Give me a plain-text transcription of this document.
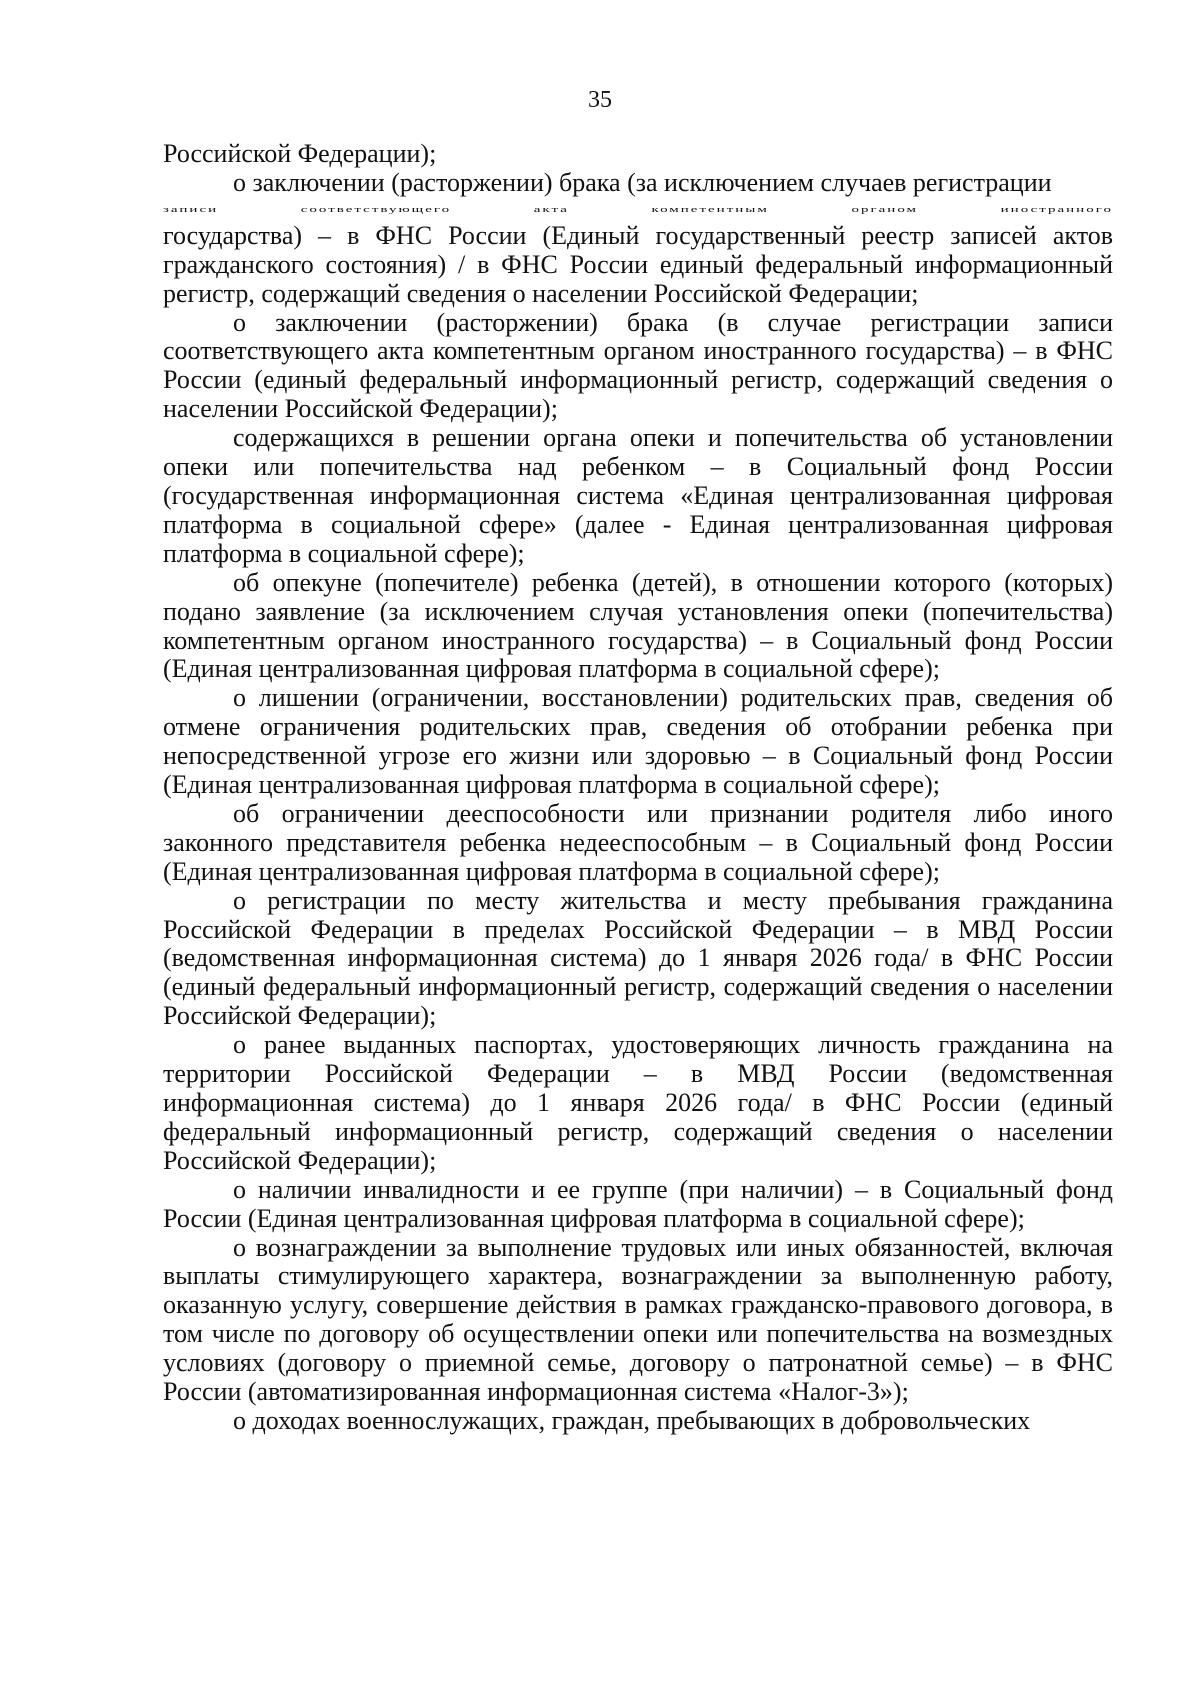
35

Российской Федерации);

о заключении (расторжении) брака (за исключением случаев регистрации

записи	соответствующего	акта	компетентным	органом	иностранного

государства) – в ФНС России (Единый государственный реестр записей актов гражданского состояния) / в ФНС России единый федеральный информационный регистр, содержащий сведения о населении Российской Федерации;

о заключении (расторжении) брака (в случае регистрации записи соответствующего акта компетентным органом иностранного государства) – в ФНС России (единый федеральный информационный регистр, содержащий сведения о населении Российской Федерации);

содержащихся в решении органа опеки и попечительства об установлении опеки или попечительства над ребенком – в Социальный фонд России (государственная информационная система «Единая централизованная цифровая платформа в социальной сфере» (далее - Единая централизованная цифровая платформа в социальной сфере);

об опекуне (попечителе) ребенка (детей), в отношении которого (которых) подано заявление (за исключением случая установления опеки (попечительства) компетентным органом иностранного государства) – в Социальный фонд России (Единая централизованная цифровая платформа в социальной сфере);

о лишении (ограничении, восстановлении) родительских прав, сведения об отмене ограничения родительских прав, сведения об отобрании ребенка при непосредственной угрозе его жизни или здоровью – в Социальный фонд России (Единая централизованная цифровая платформа в социальной сфере);

об ограничении дееспособности или признании родителя либо иного законного представителя ребенка недееспособным – в Социальный фонд России (Единая централизованная цифровая платформа в социальной сфере);

о регистрации по месту жительства и месту пребывания гражданина Российской Федерации в пределах Российской Федерации – в МВД России (ведомственная информационная система) до 1 января 2026 года/ в ФНС России (единый федеральный информационный регистр, содержащий сведения о населении Российской Федерации);

о ранее выданных паспортах, удостоверяющих личность гражданина на территории Российской Федерации – в МВД России (ведомственная информационная система) до 1 января 2026 года/ в ФНС России (единый федеральный информационный регистр, содержащий сведения о населении Российской Федерации);

о наличии инвалидности и ее группе (при наличии) – в Социальный фонд России (Единая централизованная цифровая платформа в социальной сфере);

о вознаграждении за выполнение трудовых или иных обязанностей, включая выплаты стимулирующего характера, вознаграждении за выполненную работу, оказанную услугу, совершение действия в рамках гражданско-правового договора, в том числе по договору об осуществлении опеки или попечительства на возмездных условиях (договору о приемной семье, договору о патронатной семье) – в ФНС России (автоматизированная информационная система «Налог-3»);

о доходах военнослужащих, граждан, пребывающих в добровольческих
